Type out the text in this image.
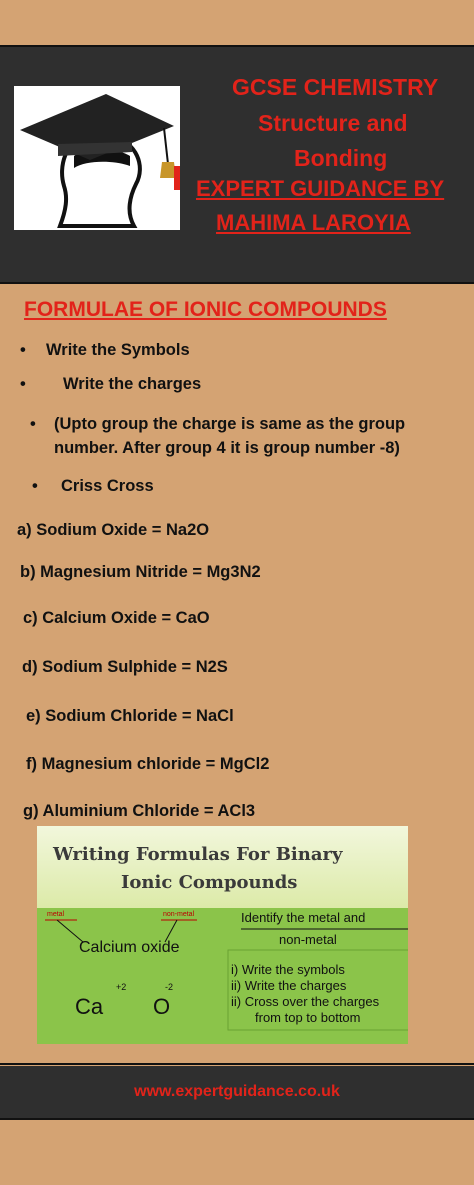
GCSE CHEMISTRY
Structure and
Bonding
EXPERT GUIDANCE BY
MAHIMA LAROYIA
FORMULAE OF IONIC COMPOUNDS
• Write the Symbols
• Write the charges
• (Upto group the charge is same as the group
number. After group 4 it is group number -8)
• Criss Cross
a) Sodium Oxide = Na2O
b) Magnesium Nitride = Mg3N2
c) Calcium Oxide = CaO
d) Sodium Sulphide = N2S
e) Sodium Chloride = NaCl
f) Magnesium chloride = MgCl2
g) Aluminium Chloride = ACl3
Writing Formulas For Binary
Ionic Compounds
metal	non-metal
Calcium oxide
Ca
+2
O
-2
Identify the metal and
non-metal
i) Write the symbols
ii) Write the charges
ii) Cross over the charges
from top to bottom
www.expertguidance.co.uk
